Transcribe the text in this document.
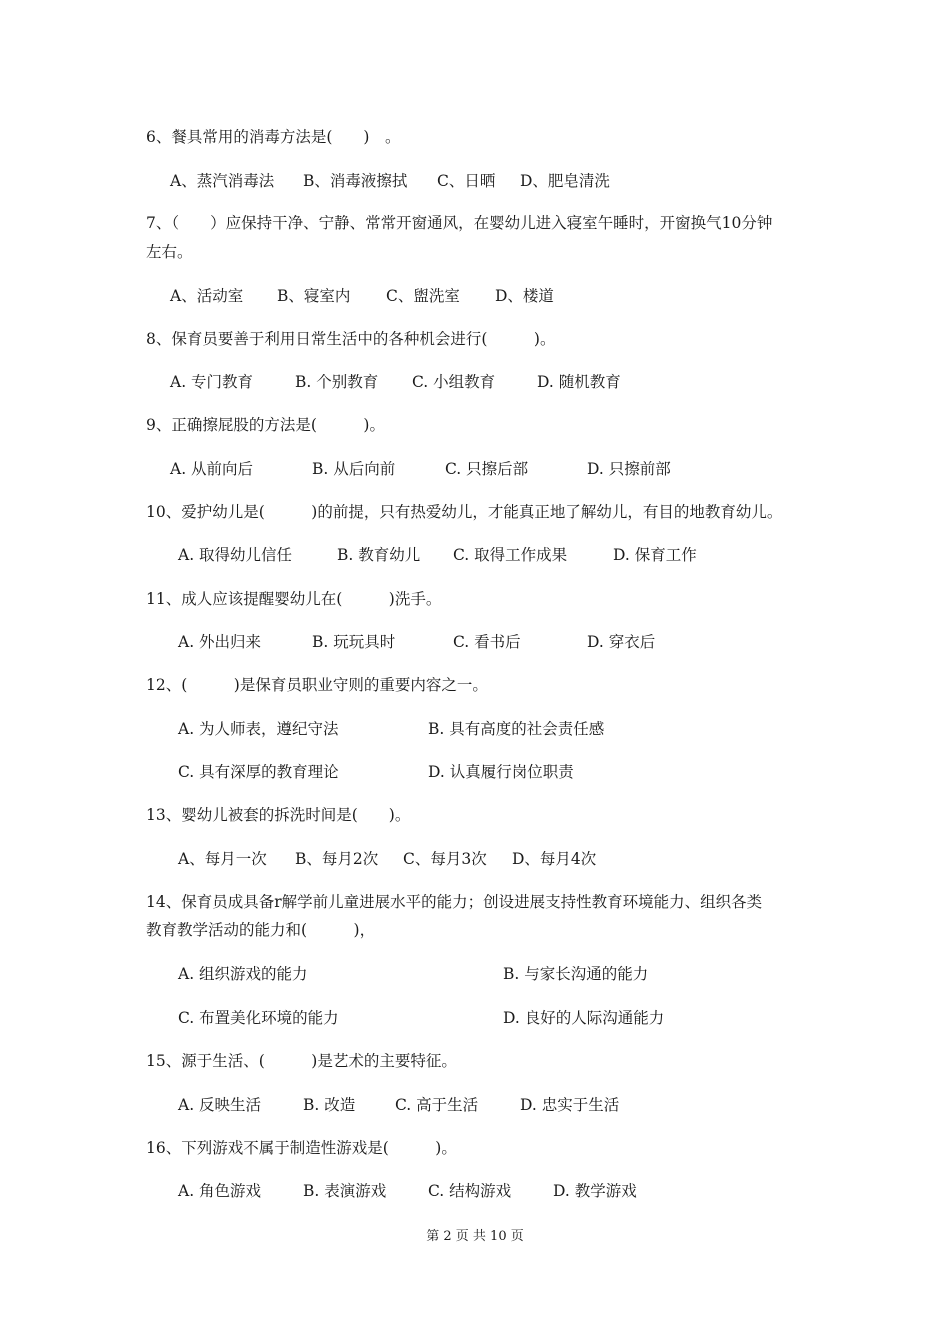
6、餐具常用的消毒方法是(　　)　。
A、蒸汽消毒法 B、消毒液擦拭 C、日晒 D、肥皂清洗
7、（　　）应保持干净、宁静、常常开窗通风，在婴幼儿进入寝室午睡时，开窗换气10分钟
左右。
A、活动室 B、寝室内 C、盥洗室 D、楼道
8、保育员要善于利用日常生活中的各种机会进行(　　　)。
A. 专门教育	B. 个别教育 C. 小组教育	D. 随机教育
9、正确擦屁股的方法是(　　　)。
A. 从前向后	B. 从后向前	C. 只擦后部	D. 只擦前部
10、爱护幼儿是(　　　)的前提，只有热爱幼儿，才能真正地了解幼儿，有目的地教育幼儿。
A. 取得幼儿信任	B. 教育幼儿 C. 取得工作成果	D. 保育工作
11、成人应该提醒婴幼儿在(　　　)洗手。
A. 外出归来	B. 玩玩具时	C. 看书后	D. 穿衣后
12、(　　　)是保育员职业守则的重要内容之一。
A. 为人师表，遵纪守法	B. 具有高度的社会责任感
C. 具有深厚的教育理论	D. 认真履行岗位职责
13、婴幼儿被套的拆洗时间是(　　)。
A、每月一次 B、每月2次 C、每月3次 D、每月4次
14、保育员成具备r解学前儿童进展水平的能力；创设进展支持性教育环境能力、组织各类
教育教学活动的能力和(　　　)，
A. 组织游戏的能力	B. 与家长沟通的能力
C. 布置美化环境的能力	D. 良好的人际沟通能力
15、源于生活、(　　　)是艺术的主要特征。
A. 反映生活	B. 改造	C. 高于生活	D. 忠实于生活
16、下列游戏不属于制造性游戏是(　　　)。
A. 角色游戏	B. 表演游戏	C. 结构游戏	D. 教学游戏
第 2 页 共 10 页
